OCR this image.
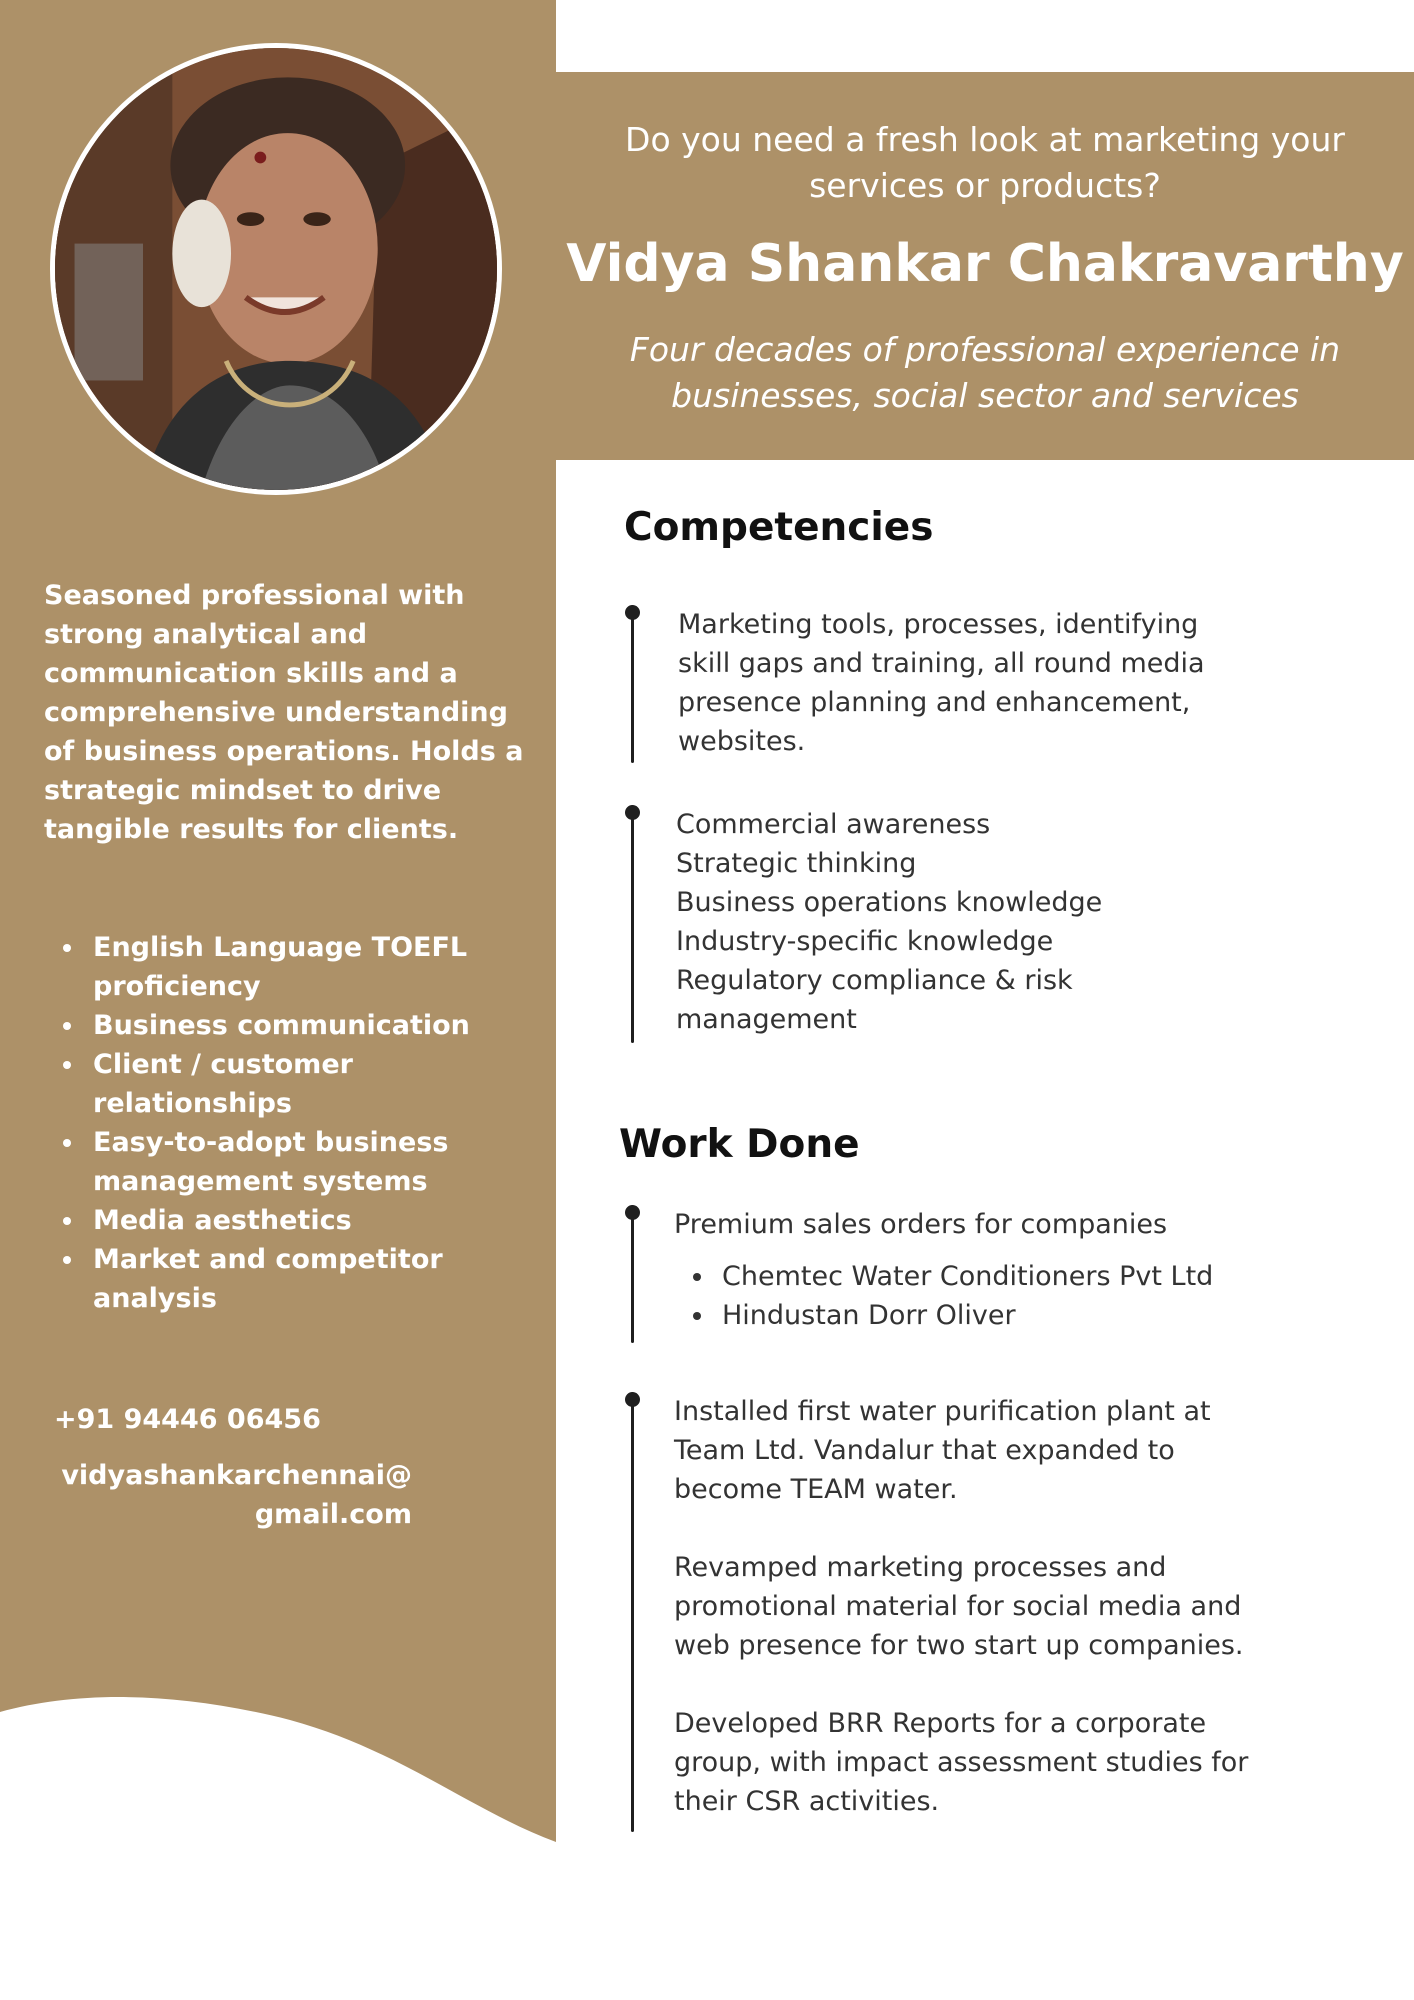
Do you need a fresh look at marketing your services or products?
Vidya Shankar Chakravarthy
Four decades of professional experience in businesses, social sector and services

Seasoned professional with strong analytical and communication skills and a comprehensive understanding of business operations. Holds a strategic mindset to drive tangible results for clients.

English Language TOEFL proficiency
Business communication
Client / customer relationships
Easy-to-adopt business management systems
Media aesthetics
Market and competitor analysis
+91 94446 06456
vidyashankarchennai@ gmail.com
Competencies

Marketing tools, processes, identifying skill gaps and training, all round media presence planning and enhancement, websites.

Commercial awareness

Strategic thinking

Business operations knowledge

Industry-specific knowledge

Regulatory compliance & risk management

Work Done

Premium sales orders for companies

Chemtec Water Conditioners Pvt Ltd
Hindustan Dorr Oliver

Installed first water purification plant at Team Ltd. Vandalur that expanded to become TEAM water.

Revamped marketing processes and promotional material for social media and web presence for two start up companies.

Developed BRR Reports for a corporate group, with impact assessment studies for their CSR activities.
